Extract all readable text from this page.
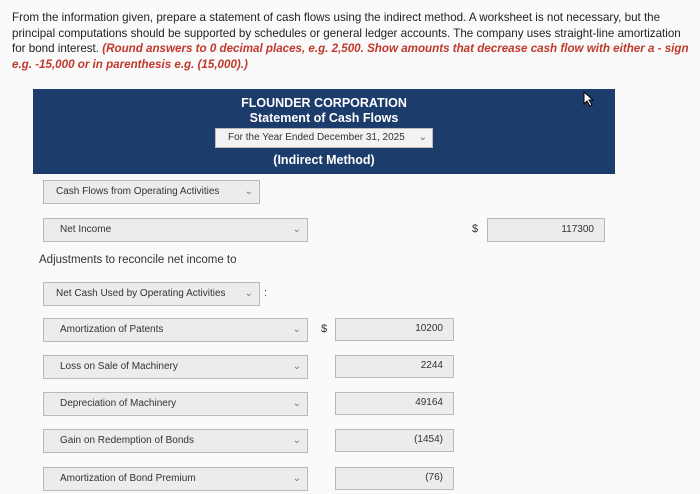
From the information given, prepare a statement of cash flows using the indirect method. A worksheet is not necessary, but the principal computations should be supported by schedules or general ledger accounts. The company uses straight-line amortization for bond interest. (Round answers to 0 decimal places, e.g. 2,500. Show amounts that decrease cash flow with either a - sign e.g. -15,000 or in parenthesis e.g. (15,000).)
FLOUNDER CORPORATION
Statement of Cash Flows
For the Year Ended December 31, 2025 ⌄
(Indirect Method)
Cash Flows from Operating Activities	⌄
Net Income	⌄	$	117300
Adjustments to reconcile net income to
Net Cash Used by Operating Activities ⌄ :
Amortization of Patents	⌄ $	10200
Loss on Sale of Machinery	⌄	2244
Depreciation of Machinery	⌄	49164
Gain on Redemption of Bonds	⌄	(1454)
Amortization of Bond Premium	⌄	(76)
